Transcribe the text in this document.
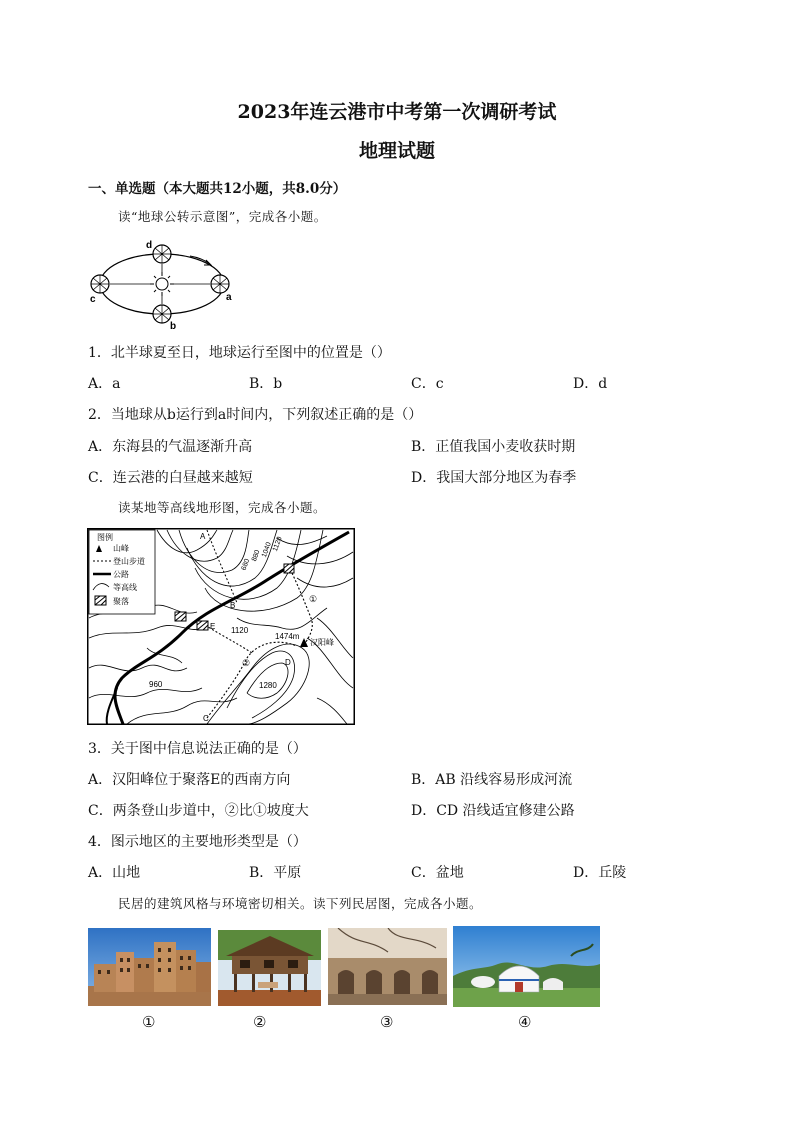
2023年连云港市中考第一次调研考试
地理试题
一、单选题（本大题共12小题，共8.0分）
读“地球公转示意图”，完成各小题。
d
a
b
c
1．北半球夏至日，地球运行至图中的位置是（）
A．a	B．b	C．c	D．d
2．当地球从b运行到a时间内，下列叙述正确的是（）
A．东海县的气温逐渐升高	B．正值我国小麦收获时期
C．连云港的白昼越来越短	D．我国大部分地区为春季
读某地等高线地形图，完成各小题。
图例
山峰
登山步道
公路
等高线
聚落
A
B
C
D
E
680
880 1040 1120
1120
1280
960
1474m
汉阳峰
①
②
3．关于图中信息说法正确的是（）
A．汉阳峰位于聚落E的西南方向	B．AB 沿线容易形成河流
C．两条登山步道中，②比①坡度大	D．CD 沿线适宜修建公路
4．图示地区的主要地形类型是（）
A．山地	B．平原	C．盆地	D．丘陵
民居的建筑风格与环境密切相关。读下列民居图，完成各小题。
①	②	③	④
